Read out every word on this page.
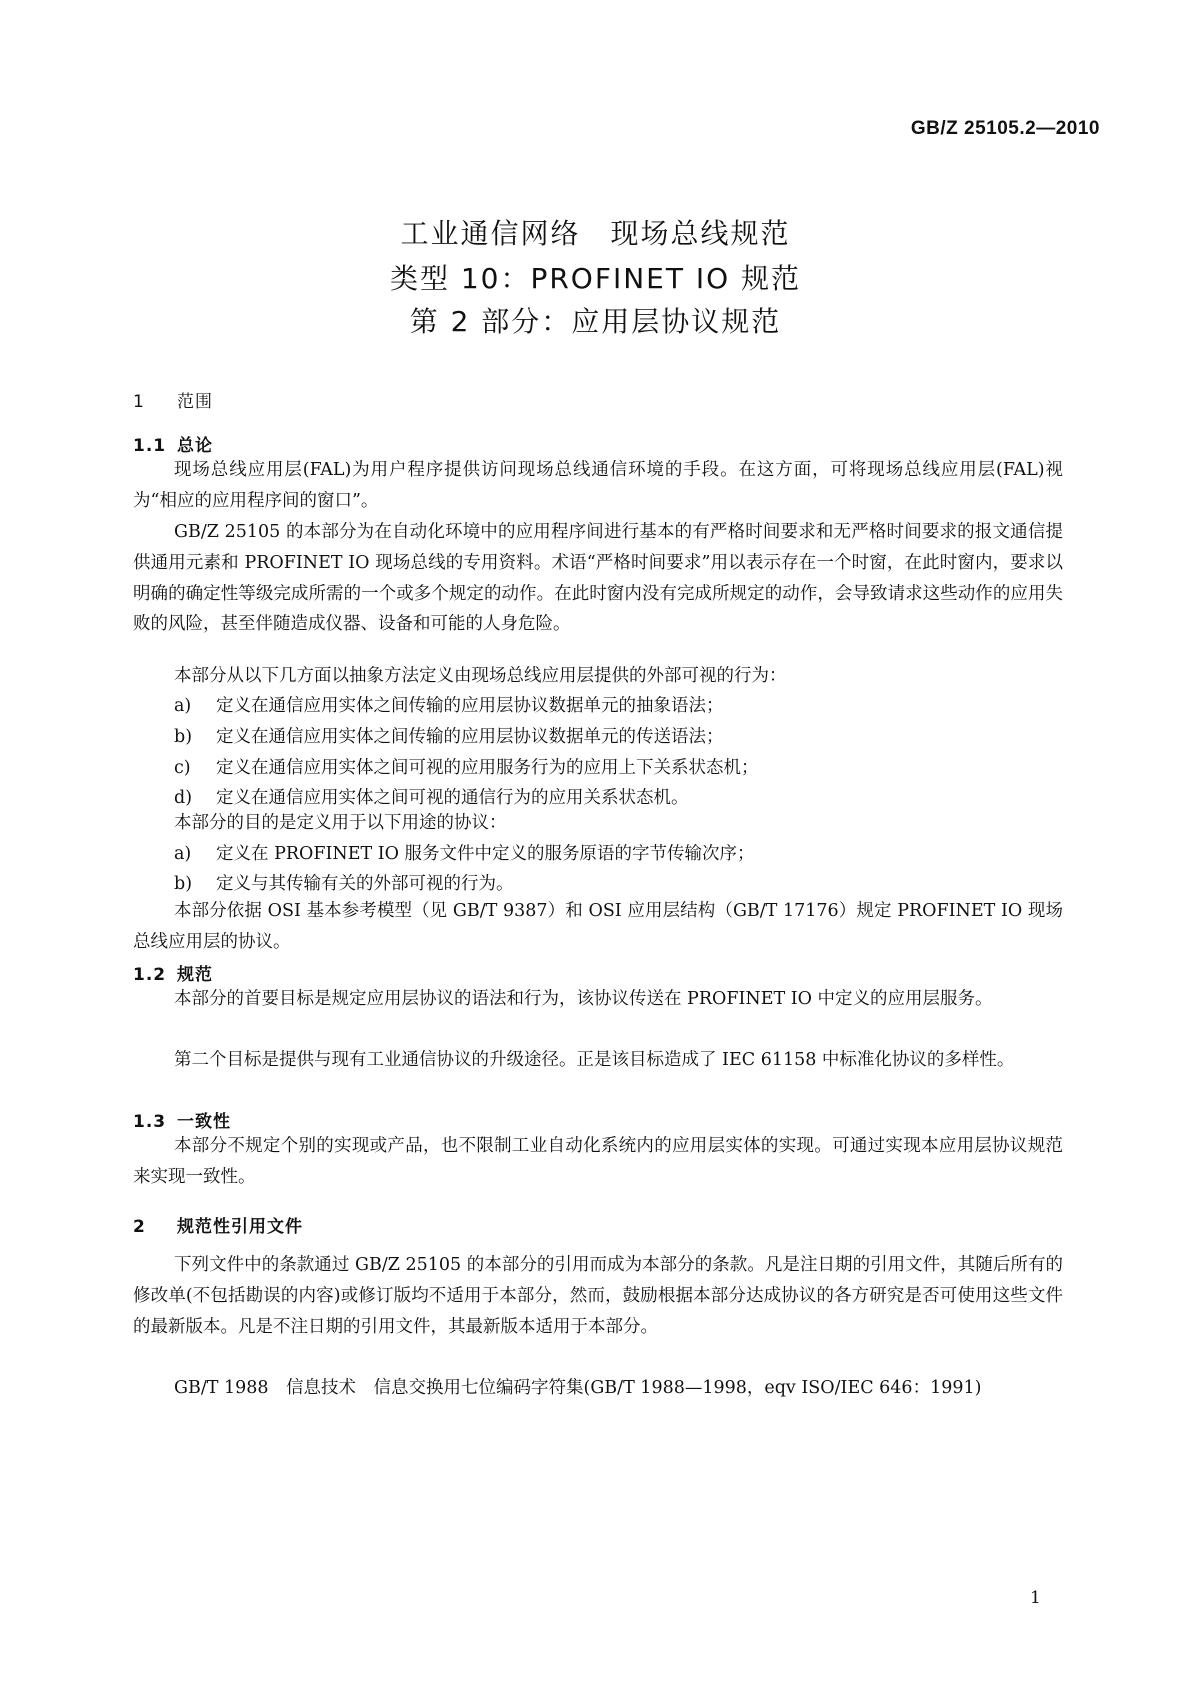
GB/Z 25105.2—2010
工业通信网络　现场总线规范
类型 10：PROFINET IO 规范
第 2 部分：应用层协议规范
1 范围
1.1 总论
现场总线应用层(FAL)为用户程序提供访问现场总线通信环境的手段。在这方面，可将现场总线应用层(FAL)视为“相应的应用程序间的窗口”。
GB/Z 25105 的本部分为在自动化环境中的应用程序间进行基本的有严格时间要求和无严格时间要求的报文通信提供通用元素和 PROFINET IO 现场总线的专用资料。术语“严格时间要求”用以表示存在一个时窗，在此时窗内，要求以明确的确定性等级完成所需的一个或多个规定的动作。在此时窗内没有完成所规定的动作，会导致请求这些动作的应用失败的风险，甚至伴随造成仪器、设备和可能的人身危险。
本部分从以下几方面以抽象方法定义由现场总线应用层提供的外部可视的行为：
a) 定义在通信应用实体之间传输的应用层协议数据单元的抽象语法；
b) 定义在通信应用实体之间传输的应用层协议数据单元的传送语法；
c) 定义在通信应用实体之间可视的应用服务行为的应用上下关系状态机；
d) 定义在通信应用实体之间可视的通信行为的应用关系状态机。
本部分的目的是定义用于以下用途的协议：
a) 定义在 PROFINET IO 服务文件中定义的服务原语的字节传输次序；
b) 定义与其传输有关的外部可视的行为。
本部分依据 OSI 基本参考模型（见 GB/T 9387）和 OSI 应用层结构（GB/T 17176）规定 PROFINET IO 现场总线应用层的协议。
1.2 规范
本部分的首要目标是规定应用层协议的语法和行为，该协议传送在 PROFINET IO 中定义的应用层服务。
第二个目标是提供与现有工业通信协议的升级途径。正是该目标造成了 IEC 61158 中标准化协议的多样性。
1.3 一致性
本部分不规定个别的实现或产品，也不限制工业自动化系统内的应用层实体的实现。可通过实现本应用层协议规范来实现一致性。
2 规范性引用文件
下列文件中的条款通过 GB/Z 25105 的本部分的引用而成为本部分的条款。凡是注日期的引用文件，其随后所有的修改单(不包括勘误的内容)或修订版均不适用于本部分，然而，鼓励根据本部分达成协议的各方研究是否可使用这些文件的最新版本。凡是不注日期的引用文件，其最新版本适用于本部分。
GB/T 1988　信息技术　信息交换用七位编码字符集(GB/T 1988—1998，eqv ISO/IEC 646：1991)
1
